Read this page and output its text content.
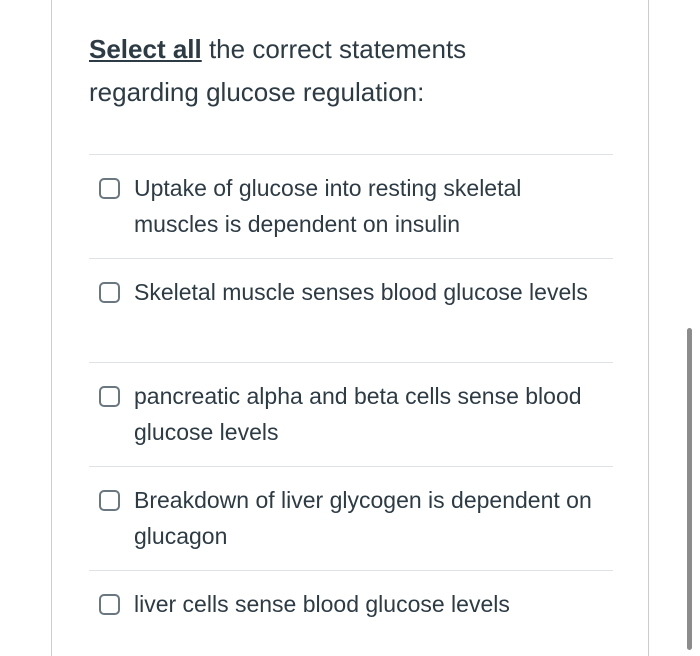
Select all the correct statements regarding glucose regulation:
Uptake of glucose into resting skeletal muscles is dependent on insulin
Skeletal muscle senses blood glucose levels
pancreatic alpha and beta cells sense blood glucose levels
Breakdown of liver glycogen is dependent on glucagon
liver cells sense blood glucose levels
